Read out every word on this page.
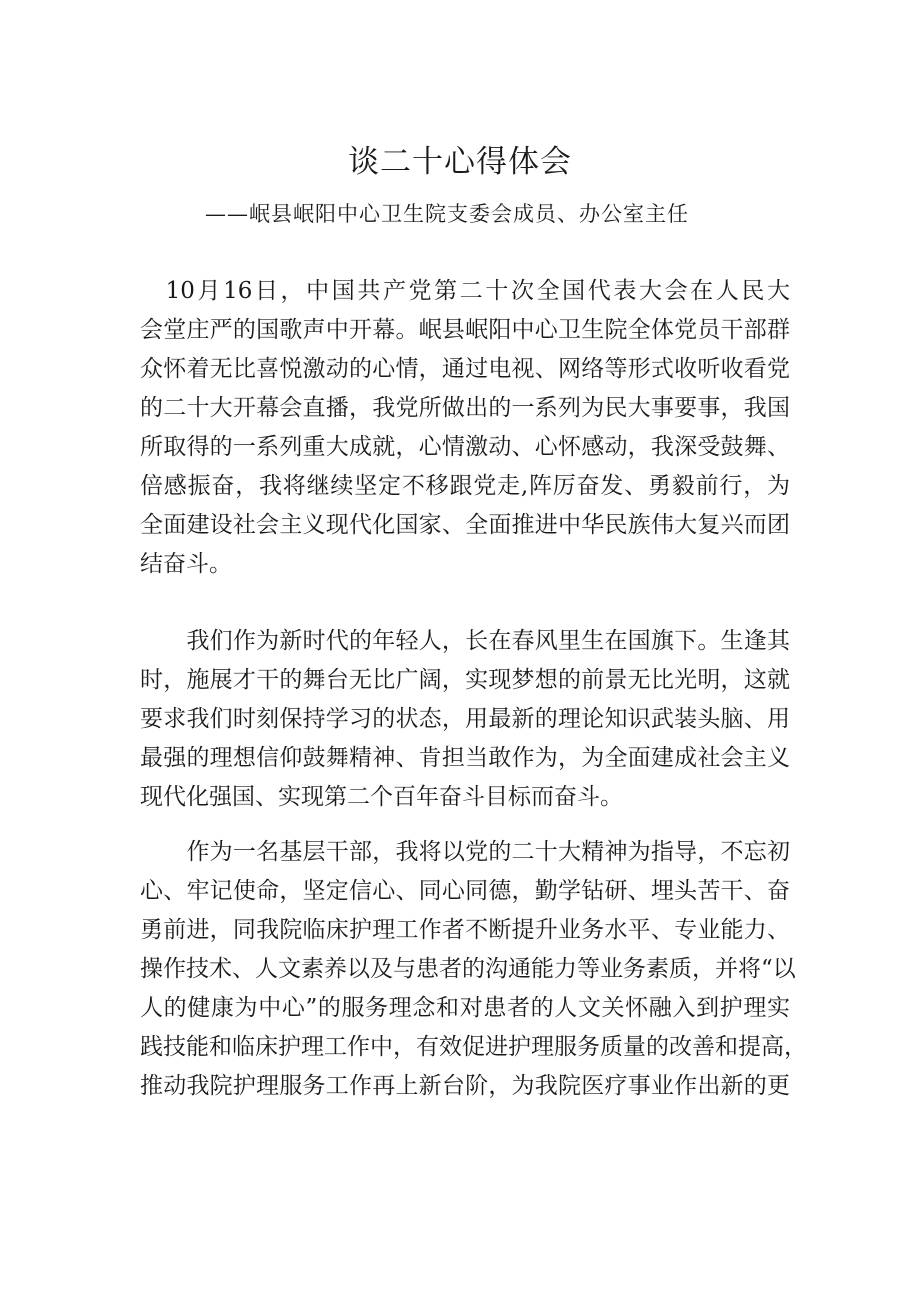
谈二十心得体会
——岷县岷阳中心卫生院支委会成员、办公室主任
　10月16日，中国共产党第二十次全国代表大会在人民大
会堂庄严的国歌声中开幕。岷县岷阳中心卫生院全体党员干部群
众怀着无比喜悦激动的心情，通过电视、网络等形式收听收看党
的二十大开幕会直播，我党所做出的一系列为民大事要事，我国
所取得的一系列重大成就，心情激动、心怀感动，我深受鼓舞、
倍感振奋，我将继续坚定不移跟党走,阵厉奋发、勇毅前行，为
全面建设社会主义现代化国家、全面推进中华民族伟大复兴而团
结奋斗。
　　我们作为新时代的年轻人，长在春风里生在国旗下。生逢其
时，施展才干的舞台无比广阔，实现梦想的前景无比光明，这就
要求我们时刻保持学习的状态，用最新的理论知识武装头脑、用
最强的理想信仰鼓舞精神、肯担当敢作为，为全面建成社会主义
现代化强国、实现第二个百年奋斗目标而奋斗。
　　作为一名基层干部，我将以党的二十大精神为指导，不忘初
心、牢记使命，坚定信心、同心同德，勤学钻研、埋头苦干、奋
勇前进，同我院临床护理工作者不断提升业务水平、专业能力、
操作技术、人文素养以及与患者的沟通能力等业务素质，并将“以
人的健康为中心”的服务理念和对患者的人文关怀融入到护理实
践技能和临床护理工作中，有效促进护理服务质量的改善和提高，
推动我院护理服务工作再上新台阶，为我院医疗事业作出新的更
